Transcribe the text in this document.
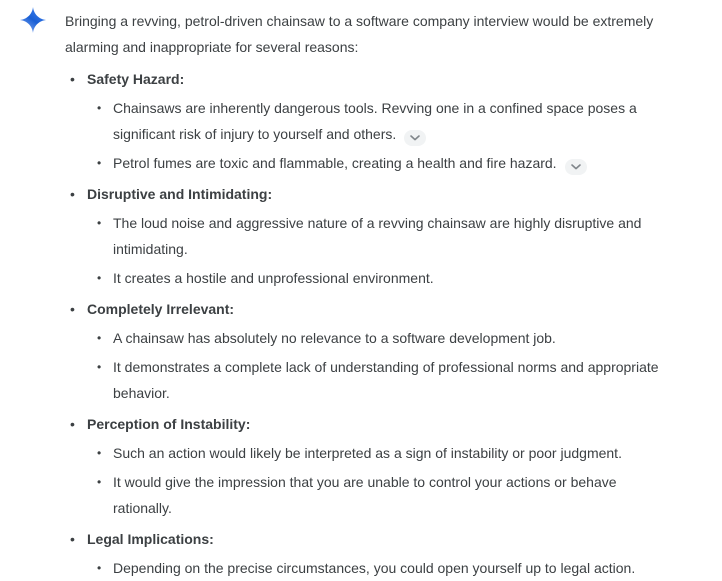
Bringing a revving, petrol-driven chainsaw to a software company interview would be extremely alarming and inappropriate for several reasons:

• Safety Hazard:
• Chainsaws are inherently dangerous tools. Revving one in a confined space poses a significant risk of injury to yourself and others.
• Petrol fumes are toxic and flammable, creating a health and fire hazard.
• Disruptive and Intimidating:
• The loud noise and aggressive nature of a revving chainsaw are highly disruptive and intimidating.
• It creates a hostile and unprofessional environment.
• Completely Irrelevant:
• A chainsaw has absolutely no relevance to a software development job.
• It demonstrates a complete lack of understanding of professional norms and appropriate behavior.
• Perception of Instability:
• Such an action would likely be interpreted as a sign of instability or poor judgment.
• It would give the impression that you are unable to control your actions or behave rationally.
• Legal Implications:
• Depending on the precise circumstances, you could open yourself up to legal action.
